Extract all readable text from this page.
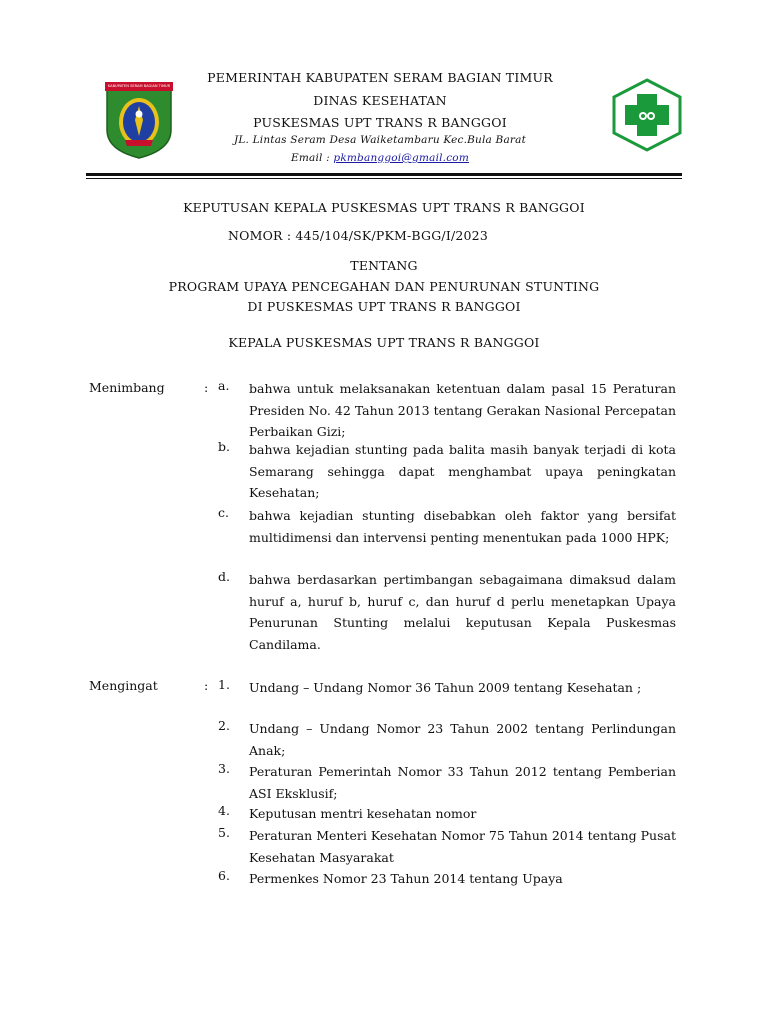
KABUPATEN SERAM BAGIAN TIMUR
PEMERINTAH KABUPATEN SERAM BAGIAN TIMUR
DINAS KESEHATAN
PUSKESMAS UPT TRANS R BANGGOI
JL. Lintas Seram Desa Waiketambaru Kec.Bula Barat
Email : pkmbanggoi@gmail.com
KEPUTUSAN KEPALA PUSKESMAS UPT TRANS R BANGGOI
NOMOR : 445/104/SK/PKM-BGG/I/2023
TENTANG
PROGRAM UPAYA PENCEGAHAN DAN PENURUNAN STUNTING
DI PUSKESMAS UPT TRANS R BANGGOI
KEPALA PUSKESMAS UPT TRANS R BANGGOI
Menimbang	: a.	bahwa untuk melaksanakan ketentuan dalam pasal 15 Peraturan Presiden No. 42 Tahun 2013 tentang Gerakan Nasional Percepatan Perbaikan Gizi;
b.	bahwa kejadian stunting pada balita masih banyak terjadi di kota Semarang sehingga dapat menghambat upaya peningkatan Kesehatan;
c.	bahwa kejadian stunting disebabkan oleh faktor yang bersifat multidimensi dan intervensi penting menentukan pada 1000 HPK;
d.	bahwa berdasarkan pertimbangan sebagaimana dimaksud dalam huruf a, huruf b, huruf c, dan huruf d perlu menetapkan Upaya Penurunan Stunting melalui keputusan Kepala Puskesmas Candilama.
Mengingat	: 1.	Undang – Undang Nomor 36 Tahun 2009 tentang Kesehatan ;
2.	Undang – Undang Nomor 23 Tahun 2002 tentang Perlindungan Anak;
3.	Peraturan Pemerintah Nomor 33 Tahun 2012 tentang Pemberian ASI Eksklusif;
4.	Keputusan mentri kesehatan nomor
5.	Peraturan Menteri Kesehatan Nomor 75 Tahun 2014 tentang Pusat Kesehatan Masyarakat
6.	Permenkes Nomor 23 Tahun 2014 tentang Upaya
